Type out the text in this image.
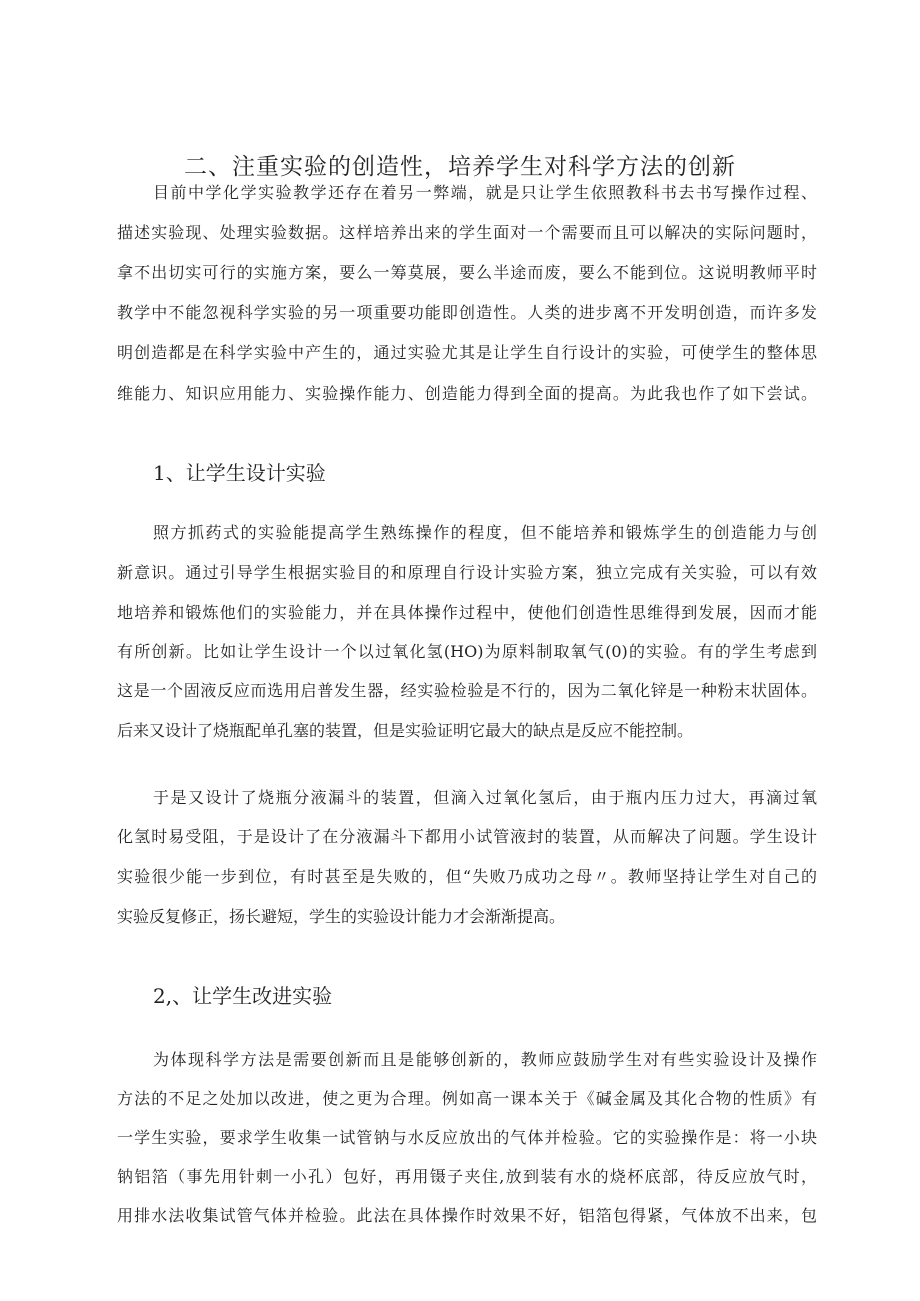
二、注重实验的创造性，培养学生对科学方法的创新
目前中学化学实验教学还存在着另一弊端，就是只让学生依照教科书去书写操作过程、
描述实验现、处理实验数据。这样培养出来的学生面对一个需要而且可以解决的实际问题时，
拿不出切实可行的实施方案，要么一筹莫展，要么半途而废，要么不能到位。这说明教师平时
教学中不能忽视科学实验的另一项重要功能即创造性。人类的进步离不开发明创造，而许多发
明创造都是在科学实验中产生的，通过实验尤其是让学生自行设计的实验，可使学生的整体思
维能力、知识应用能力、实验操作能力、创造能力得到全面的提高。为此我也作了如下尝试。
1、让学生设计实验
照方抓药式的实验能提高学生熟练操作的程度，但不能培养和锻炼学生的创造能力与创
新意识。通过引导学生根据实验目的和原理自行设计实验方案，独立完成有关实验，可以有效
地培养和锻炼他们的实验能力，并在具体操作过程中，使他们创造性思维得到发展，因而才能
有所创新。比如让学生设计一个以过氧化氢(HO)为原料制取氧气(0)的实验。有的学生考虑到
这是一个固液反应而选用启普发生器，经实验检验是不行的，因为二氧化锌是一种粉末状固体。
后来又设计了烧瓶配单孔塞的装置，但是实验证明它最大的缺点是反应不能控制。
于是又设计了烧瓶分液漏斗的装置，但滴入过氧化氢后，由于瓶内压力过大，再滴过氧
化氢时易受阻，于是设计了在分液漏斗下都用小试管液封的装置，从而解决了问题。学生设计
实验很少能一步到位，有时甚至是失败的，但“失败乃成功之母〃。教师坚持让学生对自己的
实验反复修正，扬长避短，学生的实验设计能力才会渐渐提高。
2,、让学生改进实验
为体现科学方法是需要创新而且是能够创新的，教师应鼓励学生对有些实验设计及操作
方法的不足之处加以改进，使之更为合理。例如高一课本关于《碱金属及其化合物的性质》有
一学生实验，要求学生收集一试管钠与水反应放出的气体并检验。它的实验操作是：将一小块
钠铝箔（事先用针刺一小孔）包好，再用镊子夹住,放到装有水的烧杯底部，待反应放气时，
用排水法收集试管气体并检验。此法在具体操作时效果不好，铝箔包得紧，气体放不出来，包
